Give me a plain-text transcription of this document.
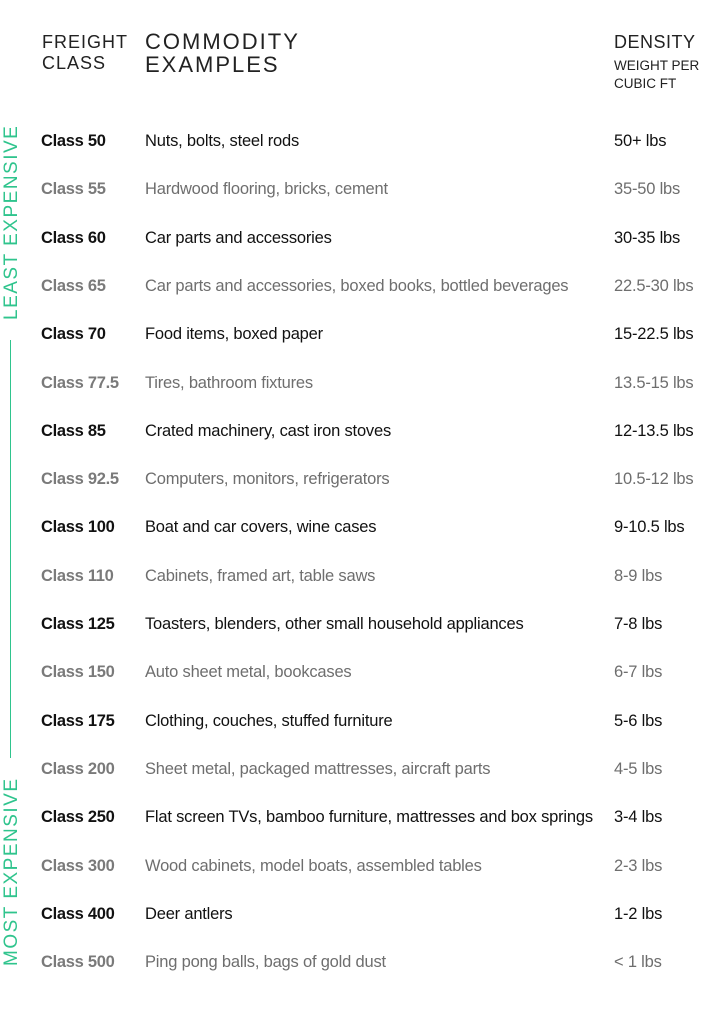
FREIGHT
CLASS
COMMODITY
EXAMPLES
DENSITY
WEIGHT PER
CUBIC FT
LEAST EXPENSIVE
MOST EXPENSIVE
Class 50 Nuts, bolts, steel rods	50+ lbs
Class 55 Hardwood flooring, bricks, cement	35-50 lbs
Class 60 Car parts and accessories	30-35 lbs
Class 65 Car parts and accessories, boxed books, bottled beverages	22.5-30 lbs
Class 70 Food items, boxed paper	15-22.5 lbs
Class 77.5 Tires, bathroom fixtures	13.5-15 lbs
Class 85 Crated machinery, cast iron stoves	12-13.5 lbs
Class 92.5 Computers, monitors, refrigerators	10.5-12 lbs
Class 100 Boat and car covers, wine cases	9-10.5 lbs
Class 110 Cabinets, framed art, table saws	8-9 lbs
Class 125 Toasters, blenders, other small household appliances	7-8 lbs
Class 150 Auto sheet metal, bookcases	6-7 lbs
Class 175 Clothing, couches, stuffed furniture	5-6 lbs
Class 200 Sheet metal, packaged mattresses, aircraft parts	4-5 lbs
Class 250 Flat screen TVs, bamboo furniture, mattresses and box springs 3-4 lbs
Class 300 Wood cabinets, model boats, assembled tables	2-3 lbs
Class 400 Deer antlers	1-2 lbs
Class 500 Ping pong balls, bags of gold dust	< 1 lbs
